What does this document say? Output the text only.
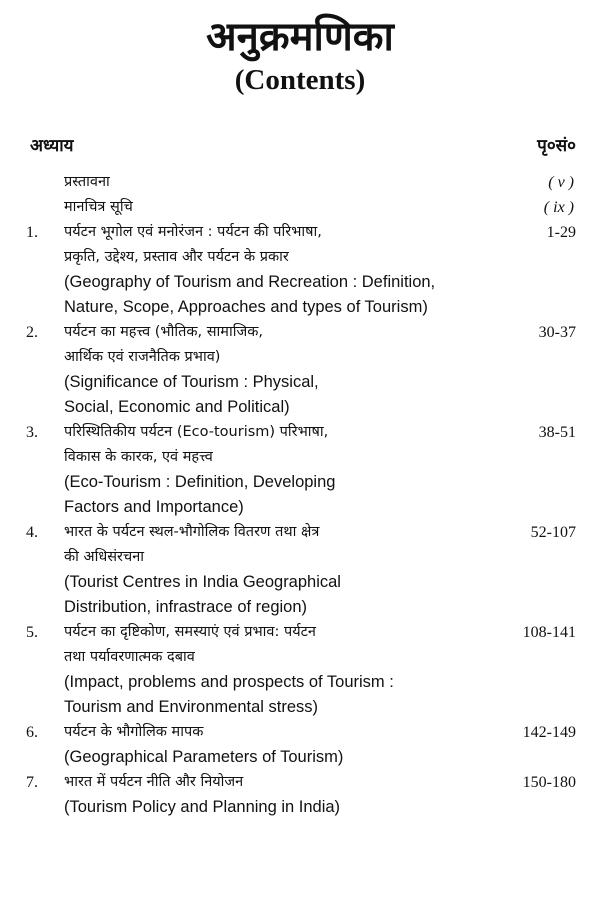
अनुक्रमणिका
(Contents)
अध्याय	पृ०सं०
प्रस्तावना	( v )
मानचित्र सूचि	( ix )
1. पर्यटन भूगोल एवं मनोरंजन : पर्यटन की परिभाषा,	1-29
प्रकृति, उद्देश्य, प्रस्ताव और पर्यटन के प्रकार
(Geography of Tourism and Recreation : Definition,
Nature, Scope, Approaches and types of Tourism)
2. पर्यटन का महत्त्व (भौतिक, सामाजिक,	30-37
आर्थिक एवं राजनैतिक प्रभाव)
(Significance of Tourism : Physical,
Social, Economic and Political)
3. परिस्थितिकीय पर्यटन (Eco-tourism) परिभाषा,	38-51
विकास के कारक, एवं महत्त्व
(Eco-Tourism : Definition, Developing
Factors and Importance)
4. भारत के पर्यटन स्थल-भौगोलिक वितरण तथा क्षेत्र	52-107
की अधिसंरचना
(Tourist Centres in India Geographical
Distribution, infrastrace of region)
5. पर्यटन का दृष्टिकोण, समस्याएं एवं प्रभाव: पर्यटन	108-141
तथा पर्यावरणात्मक दबाव
(Impact, problems and prospects of Tourism :
Tourism and Environmental stress)
6. पर्यटन के भौगोलिक मापक	142-149
(Geographical Parameters of Tourism)
7. भारत में पर्यटन नीति और नियोजन	150-180
(Tourism Policy and Planning in India)
